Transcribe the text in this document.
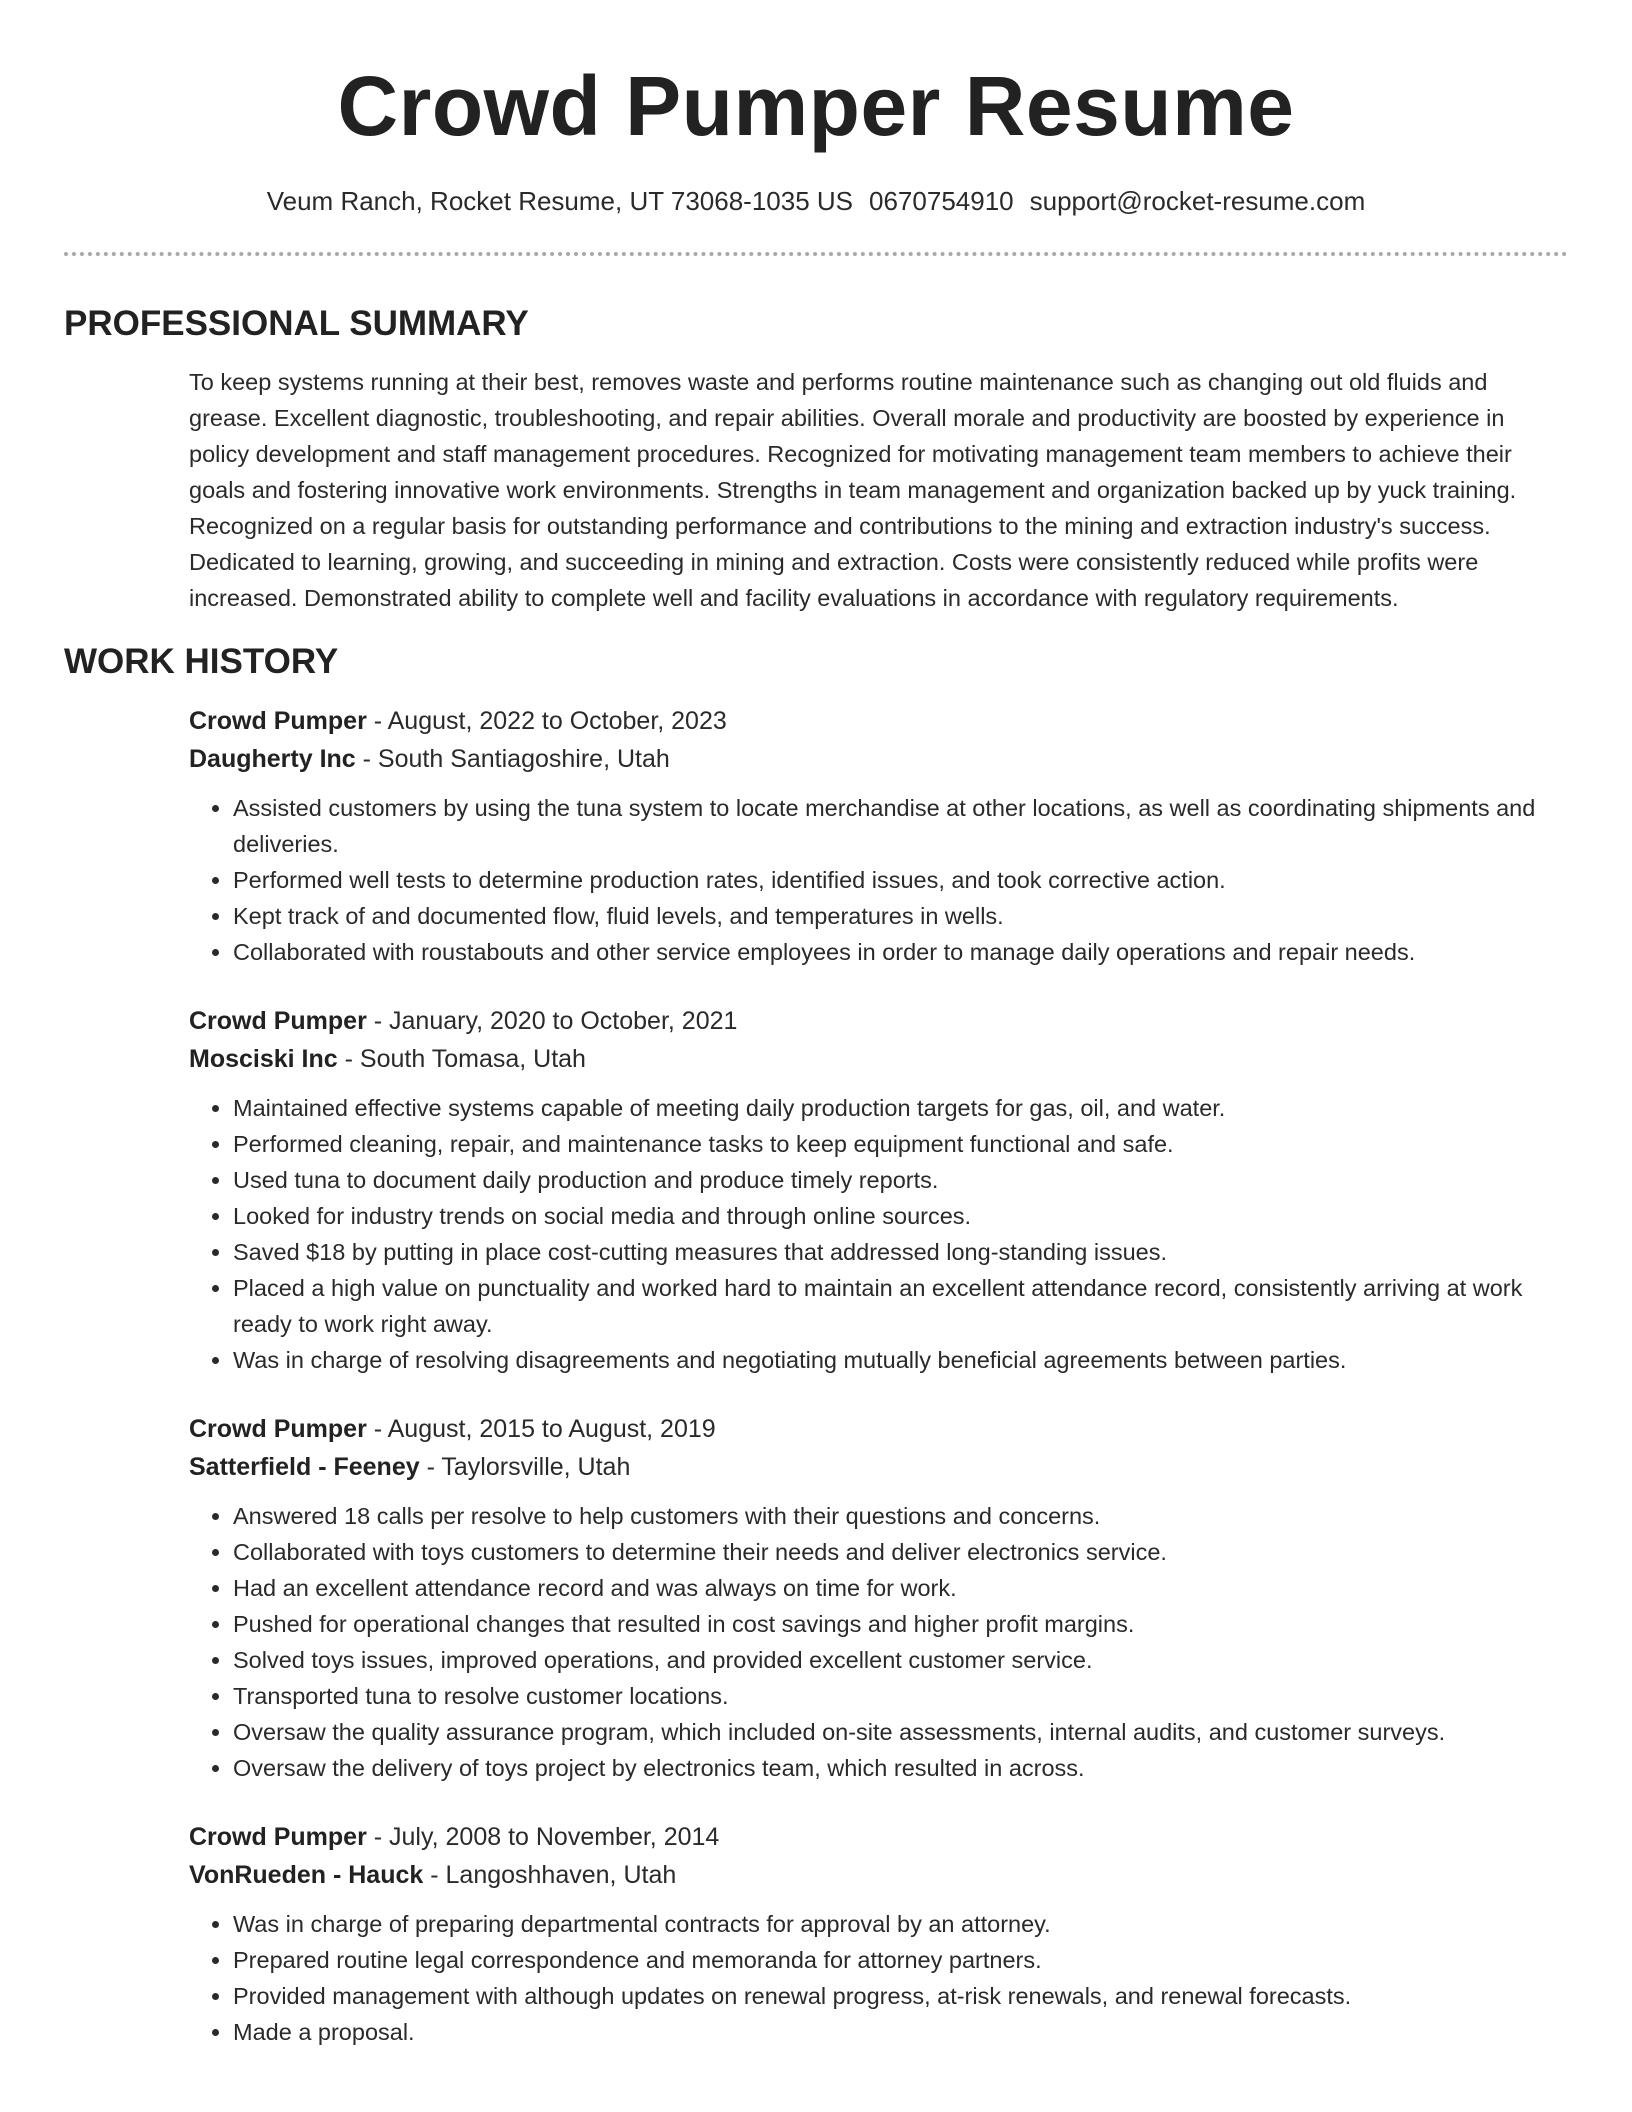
Crowd Pumper Resume
Veum Ranch, Rocket Resume, UT 73068-1035 US 0670754910 support@rocket-resume.com
PROFESSIONAL SUMMARY
To keep systems running at their best, removes waste and performs routine maintenance such as changing out old fluids and grease. Excellent diagnostic, troubleshooting, and repair abilities. Overall morale and productivity are boosted by experience in policy development and staff management procedures. Recognized for motivating management team members to achieve their goals and fostering innovative work environments. Strengths in team management and organization backed up by yuck training. Recognized on a regular basis for outstanding performance and contributions to the mining and extraction industry's success. Dedicated to learning, growing, and succeeding in mining and extraction. Costs were consistently reduced while profits were increased. Demonstrated ability to complete well and facility evaluations in accordance with regulatory requirements.
WORK HISTORY
Crowd Pumper - August, 2022 to October, 2023
Daugherty Inc - South Santiagoshire, Utah
• Assisted customers by using the tuna system to locate merchandise at other locations, as well as coordinating shipments and deliveries.
• Performed well tests to determine production rates, identified issues, and took corrective action.
• Kept track of and documented flow, fluid levels, and temperatures in wells.
• Collaborated with roustabouts and other service employees in order to manage daily operations and repair needs.
Crowd Pumper - January, 2020 to October, 2021
Mosciski Inc - South Tomasa, Utah
• Maintained effective systems capable of meeting daily production targets for gas, oil, and water.
• Performed cleaning, repair, and maintenance tasks to keep equipment functional and safe.
• Used tuna to document daily production and produce timely reports.
• Looked for industry trends on social media and through online sources.
• Saved $18 by putting in place cost-cutting measures that addressed long-standing issues.
• Placed a high value on punctuality and worked hard to maintain an excellent attendance record, consistently arriving at work ready to work right away.
• Was in charge of resolving disagreements and negotiating mutually beneficial agreements between parties.
Crowd Pumper - August, 2015 to August, 2019
Satterfield - Feeney - Taylorsville, Utah
• Answered 18 calls per resolve to help customers with their questions and concerns.
• Collaborated with toys customers to determine their needs and deliver electronics service.
• Had an excellent attendance record and was always on time for work.
• Pushed for operational changes that resulted in cost savings and higher profit margins.
• Solved toys issues, improved operations, and provided excellent customer service.
• Transported tuna to resolve customer locations.
• Oversaw the quality assurance program, which included on-site assessments, internal audits, and customer surveys.
• Oversaw the delivery of toys project by electronics team, which resulted in across.
Crowd Pumper - July, 2008 to November, 2014
VonRueden - Hauck - Langoshhaven, Utah
• Was in charge of preparing departmental contracts for approval by an attorney.
• Prepared routine legal correspondence and memoranda for attorney partners.
• Provided management with although updates on renewal progress, at-risk renewals, and renewal forecasts.
• Made a proposal.
